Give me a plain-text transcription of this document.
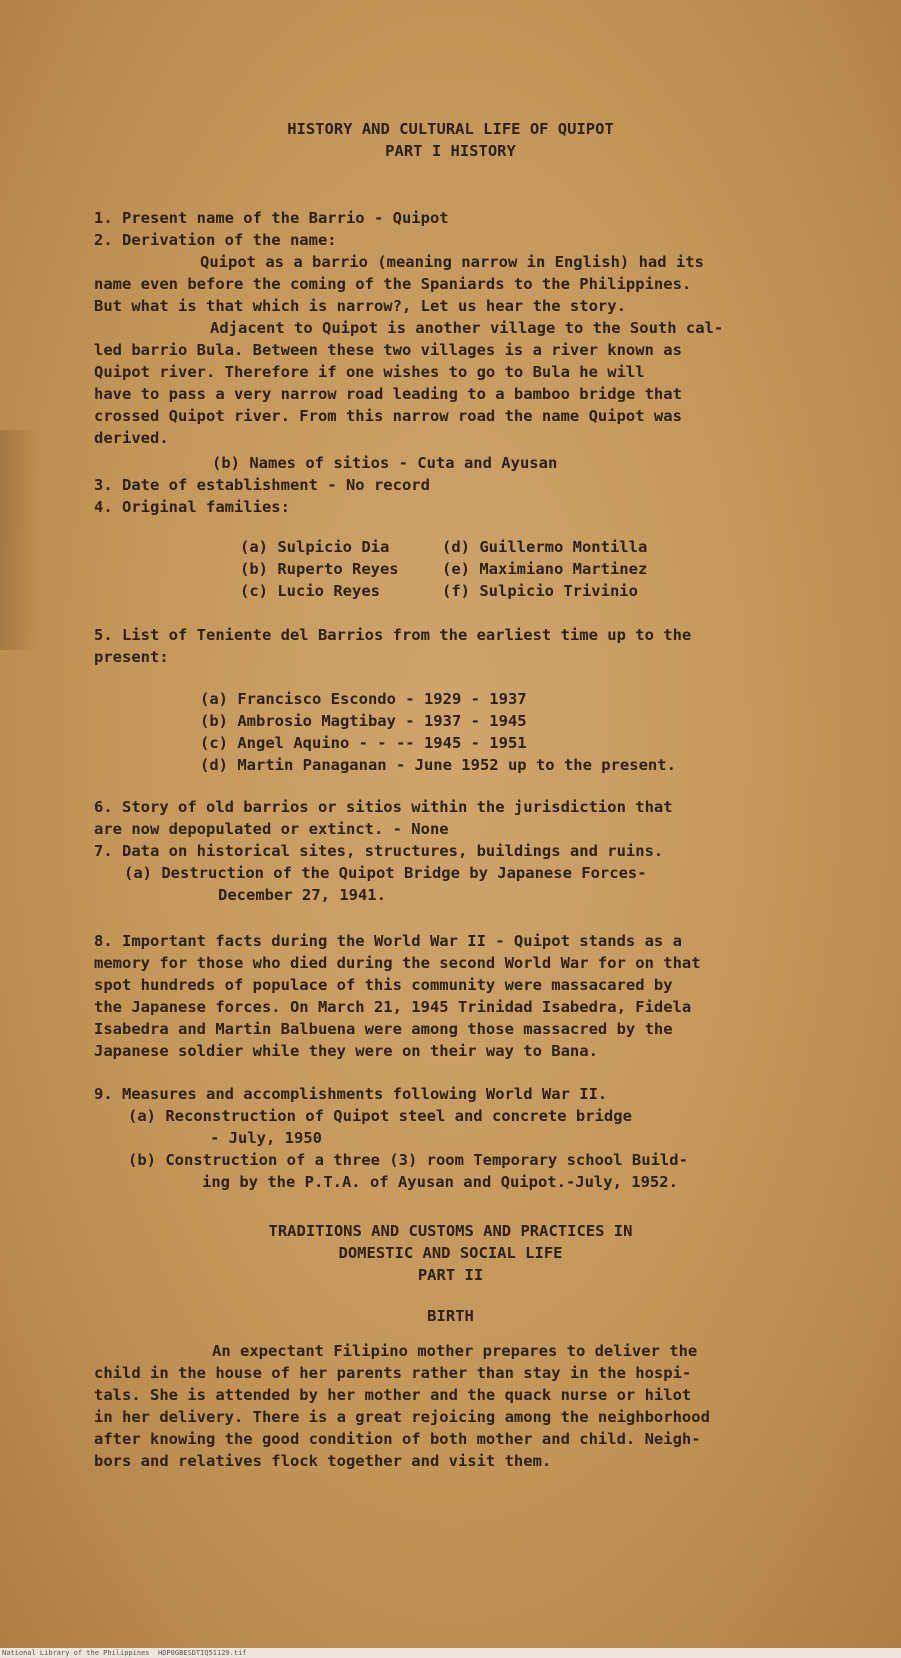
HISTORY AND CULTURAL LIFE OF QUIPOT
PART I HISTORY
1. Present name of the Barrio - Quipot
2. Derivation of the name:
Quipot as a barrio (meaning narrow in English) had its
name even before the coming of the Spaniards to the Philippines.
But what is that which is narrow?, Let us hear the story.
Adjacent to Quipot is another village to the South cal-
led barrio Bula. Between these two villages is a river known as
Quipot river. Therefore if one wishes to go to Bula he will
have to pass a very narrow road leading to a bamboo bridge that
crossed Quipot river. From this narrow road the name Quipot was
derived.
(b) Names of sitios - Cuta and Ayusan
3. Date of establishment - No record
4. Original families:
(a) Sulpicio Dia
(b) Ruperto Reyes
(c) Lucio Reyes
(d) Guillermo Montilla
(e) Maximiano Martinez
(f) Sulpicio Trivinio
5. List of Teniente del Barrios from the earliest time up to the
present:
(a) Francisco Escondo - 1929 - 1937
(b) Ambrosio Magtibay - 1937 - 1945
(c) Angel Aquino - - -- 1945 - 1951
(d) Martin Panaganan - June 1952 up to the present.
6. Story of old barrios or sitios within the jurisdiction that
are now depopulated or extinct. - None
7. Data on historical sites, structures, buildings and ruins.
(a) Destruction of the Quipot Bridge by Japanese Forces-
December 27, 1941.
8. Important facts during the World War II - Quipot stands as a
memory for those who died during the second World War for on that
spot hundreds of populace of this community were massacared by
the Japanese forces. On March 21, 1945 Trinidad Isabedra, Fidela
Isabedra and Martin Balbuena were among those massacred by the
Japanese soldier while they were on their way to Bana.
9. Measures and accomplishments following World War II.
(a) Reconstruction of Quipot steel and concrete bridge
- July, 1950
(b) Construction of a three (3) room Temporary school Build-
ing by the P.T.A. of Ayusan and Quipot.-July, 1952.
TRADITIONS AND CUSTOMS AND PRACTICES IN
DOMESTIC AND SOCIAL LIFE
PART II
BIRTH
An expectant Filipino mother prepares to deliver the
child in the house of her parents rather than stay in the hospi-
tals. She is attended by her mother and the quack nurse or hilot
in her delivery. There is a great rejoicing among the neighborhood
after knowing the good condition of both mother and child. Neigh-
bors and relatives flock together and visit them.
National Library of the Philippines HDP0GBESDTIQ51129.tif
